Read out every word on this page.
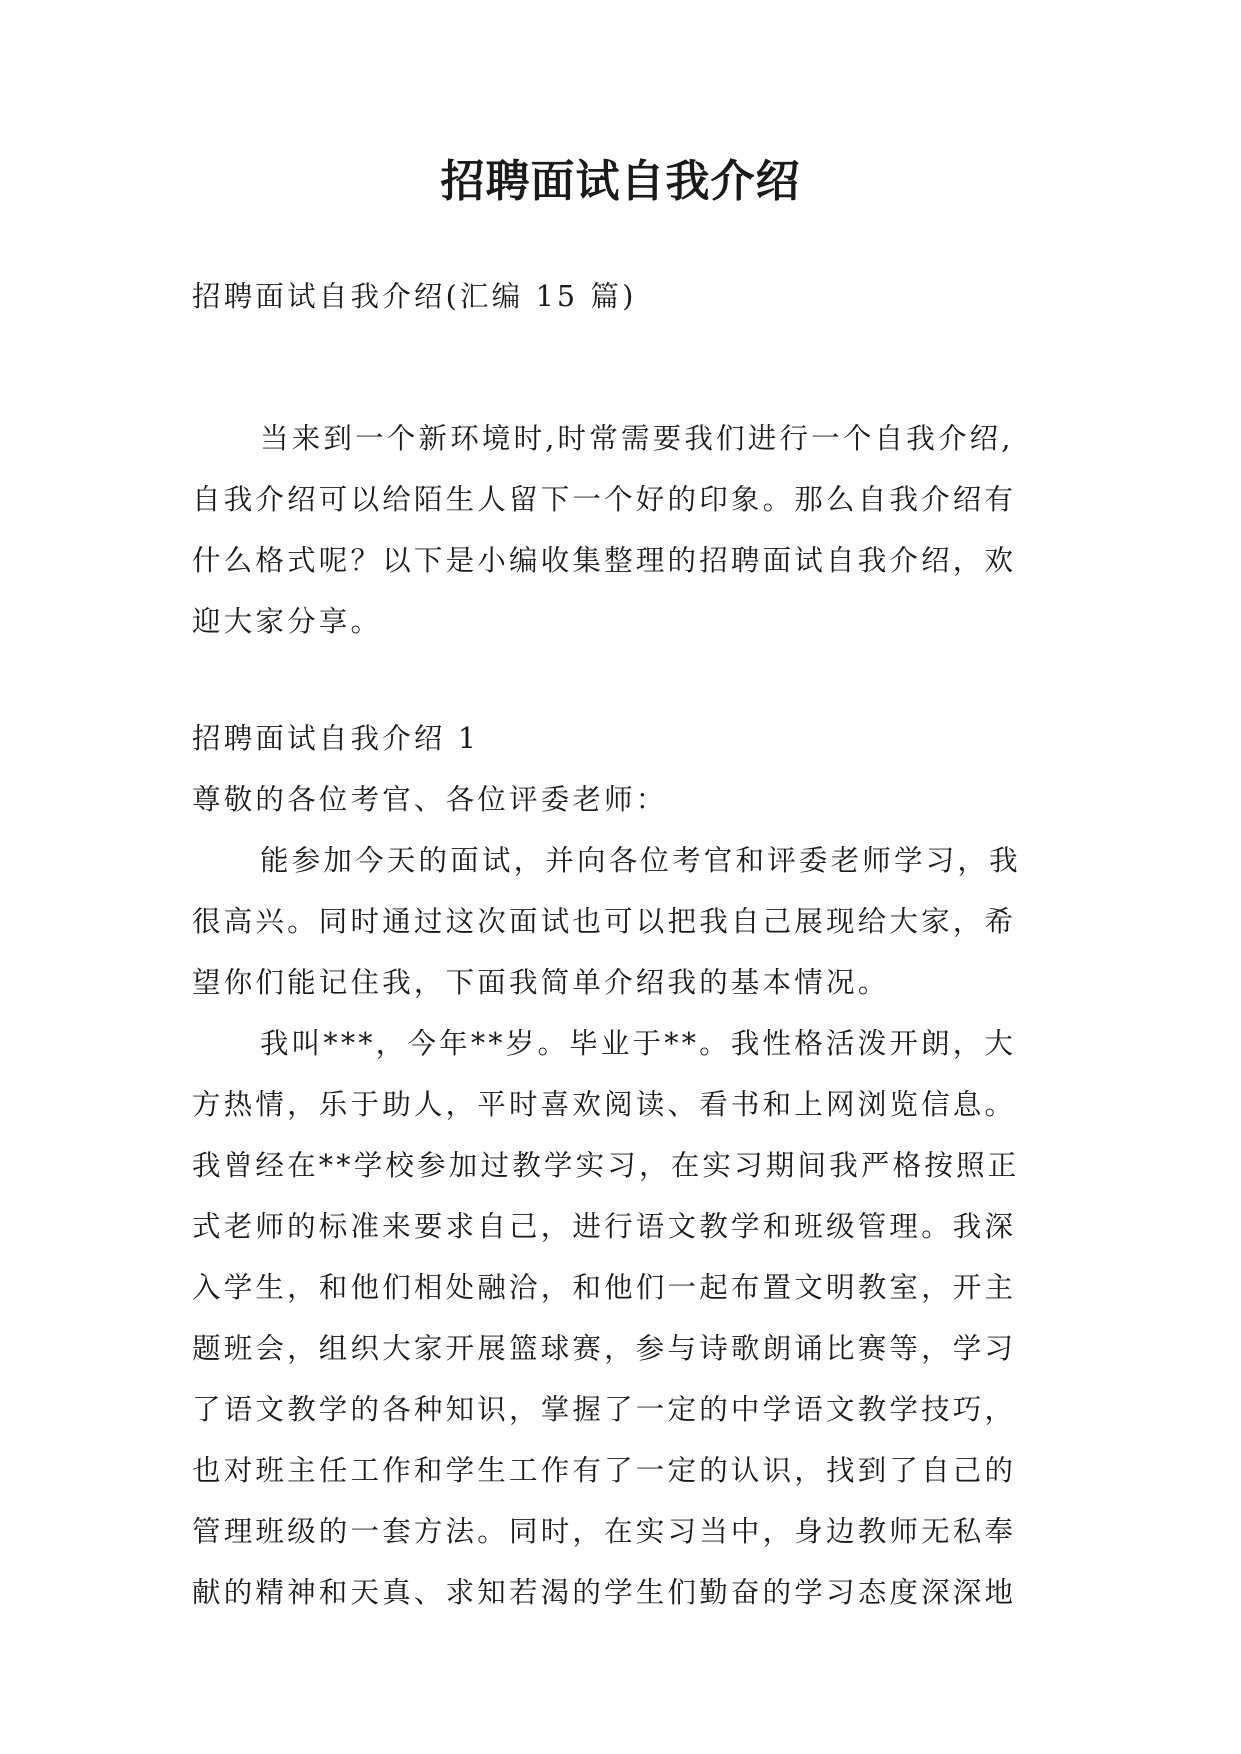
招聘面试自我介绍
招聘面试自我介绍(汇编 15 篇)
当来到一个新环境时,时常需要我们进行一个自我介绍,
自我介绍可以给陌生人留下一个好的印象。那么自我介绍有
什么格式呢？以下是小编收集整理的招聘面试自我介绍，欢
迎大家分享。
招聘面试自我介绍 1
尊敬的各位考官、各位评委老师：
能参加今天的面试，并向各位考官和评委老师学习，我
很高兴。同时通过这次面试也可以把我自己展现给大家，希
望你们能记住我，下面我简单介绍我的基本情况。
我叫***，今年**岁。毕业于**。我性格活泼开朗，大
方热情，乐于助人，平时喜欢阅读、看书和上网浏览信息。
我曾经在**学校参加过教学实习，在实习期间我严格按照正
式老师的标准来要求自己，进行语文教学和班级管理。我深
入学生，和他们相处融洽，和他们一起布置文明教室，开主
题班会，组织大家开展篮球赛，参与诗歌朗诵比赛等，学习
了语文教学的各种知识，掌握了一定的中学语文教学技巧，
也对班主任工作和学生工作有了一定的认识，找到了自己的
管理班级的一套方法。同时，在实习当中，身边教师无私奉
献的精神和天真、求知若渴的学生们勤奋的学习态度深深地
